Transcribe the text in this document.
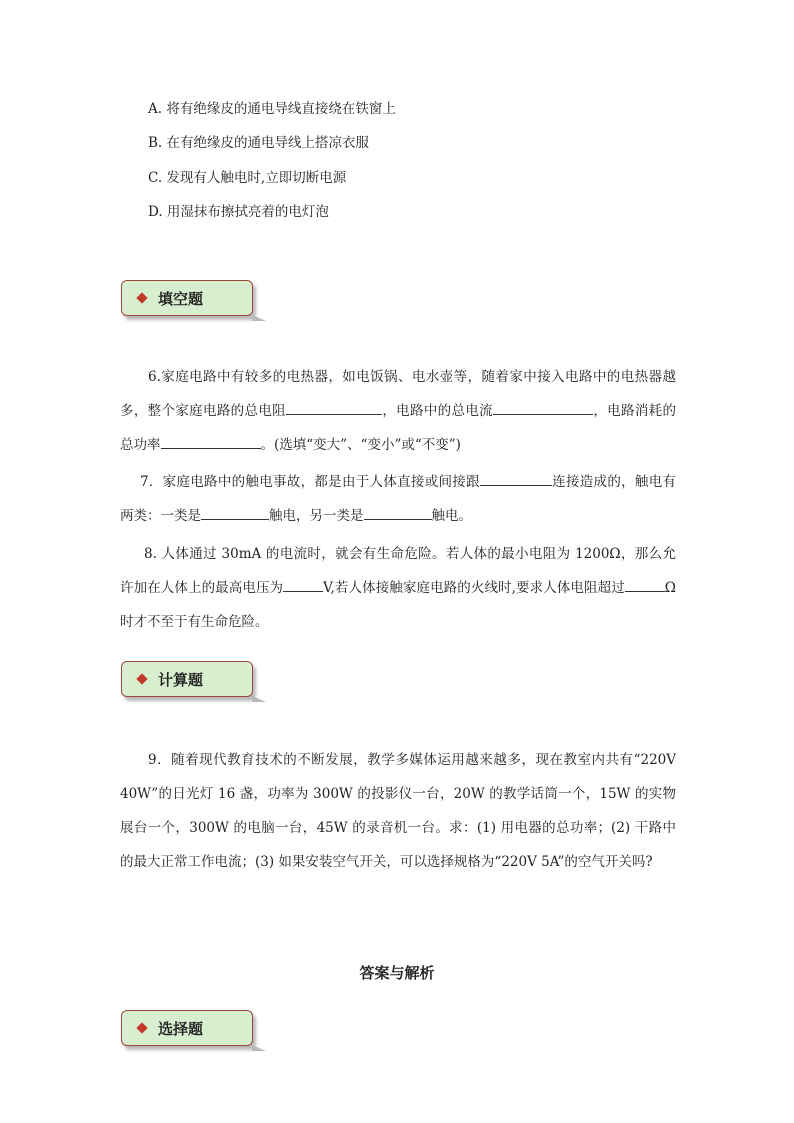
A. 将有绝缘皮的通电导线直接绕在铁窗上
B. 在有绝缘皮的通电导线上搭凉衣服
C. 发现有人触电时,立即切断电源
D. 用湿抹布擦拭亮着的电灯泡
填空题

6.家庭电路中有较多的电热器，如电饭锅、电水壶等，随着家中接入电路中的电热器越多，整个家庭电路的总电阻	，电路中的总电流	，电路消耗的总功率	。(选填“变大”、“变小”或“不变”)

7．家庭电路中的触电事故，都是由于人体直接或间接跟	连接造成的，触电有两类：一类是	触电，另一类是	触电。

8. 人体通过 30mA 的电流时，就会有生命危险。若人体的最小电阻为 1200Ω，那么允许加在人体上的最高电压为	V,若人体接触家庭电路的火线时,要求人体电阻超过	Ω时才不至于有生命危险。

计算题

9．随着现代教育技术的不断发展，教学多媒体运用越来越多，现在教室内共有“220V 40W”的日光灯 16 盏，功率为 300W 的投影仪一台，20W 的教学话筒一个，15W 的实物展台一个，300W 的电脑一台，45W 的录音机一台。求：(1) 用电器的总功率；(2) 干路中的最大正常工作电流；(3) 如果安装空气开关，可以选择规格为“220V 5A”的空气开关吗?

答案与解析
选择题
